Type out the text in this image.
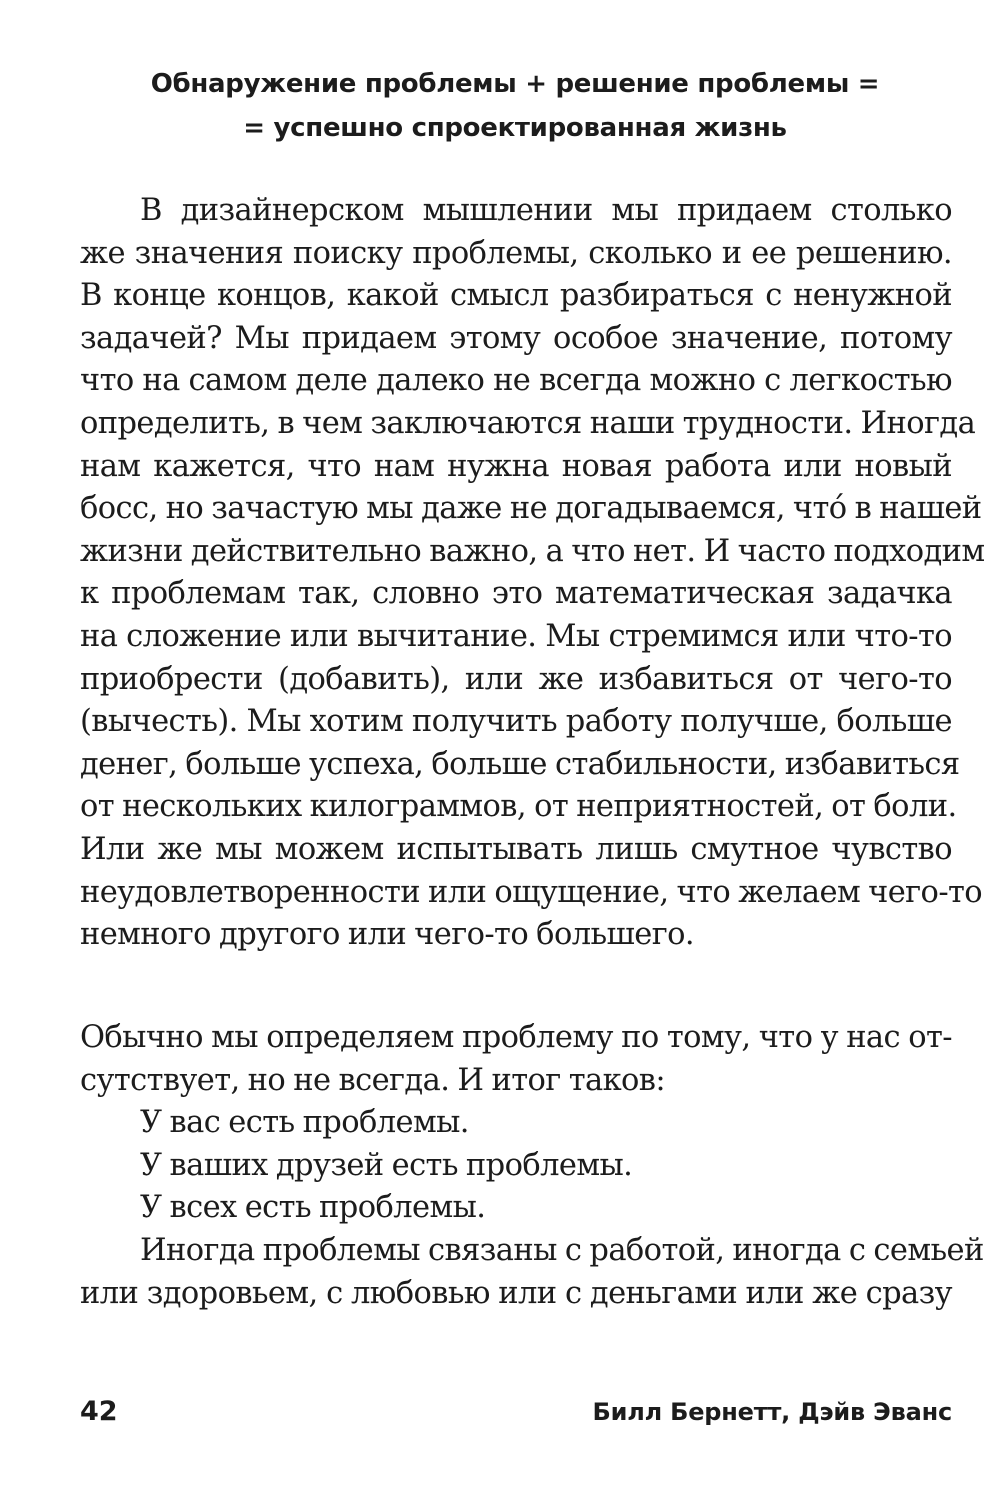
Обнаружение проблемы + решение проблемы =
= успешно спроектированная жизнь
В дизайнерском мышлении мы придаем столько
же значения поиску проблемы, сколько и ее решению.
В конце концов, какой смысл разбираться с ненужной
задачей? Мы придаем этому особое значение, потому
что на самом деле далеко не всегда можно с легкостью
определить, в чем заключаются наши трудности. Иногда
нам кажется, что нам нужна новая работа или новый
босс, но зачастую мы даже не догадываемся, чтó в нашей
жизни действительно важно, а что нет. И часто подходим
к проблемам так, словно это математическая задачка
на сложение или вычитание. Мы стремимся или что-то
приобрести (добавить), или же избавиться от чего-то
(вычесть). Мы хотим получить работу получше, больше
денег, больше успеха, больше стабильности, избавиться
от нескольких килограммов, от неприятностей, от боли.
Или же мы можем испытывать лишь смутное чувство
неудовлетворенности или ощущение, что желаем чего-то
немного другого или чего-то большего.
Обычно мы определяем проблему по тому, что у нас от-
сутствует, но не всегда. И итог таков:
У вас есть проблемы.
У ваших друзей есть проблемы.
У всех есть проблемы.
Иногда проблемы связаны с работой, иногда с семьей
или здоровьем, с любовью или с деньгами или же сразу
42	Билл Бернетт, Дэйв Эванс
